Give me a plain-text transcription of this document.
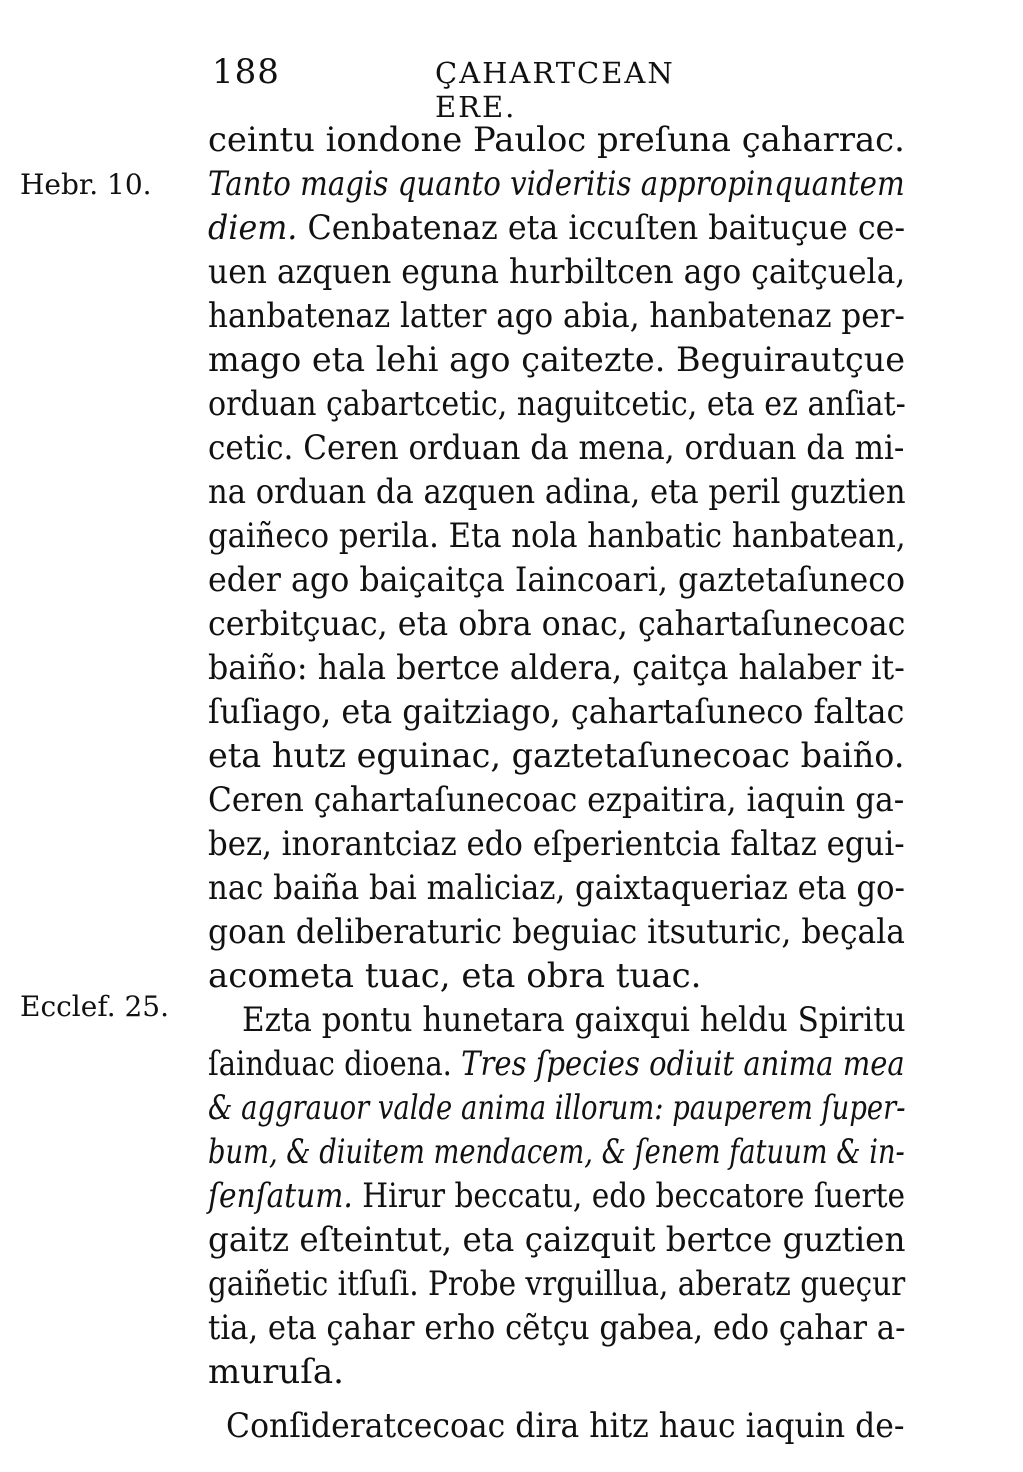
188	ÇAHARTCEAN ERE.
Hebr. 10.
Ecclef. 25.
ceintu iondone Pauloc preſuna çaharrac.
Tanto magis quanto videritis appropinquantem
diem. Cenbatenaz eta iccuſten baituçue ce-
uen azquen eguna hurbiltcen ago çaitçuela,
hanbatenaz latter ago abia, hanbatenaz per-
mago eta lehi ago çaitezte. Beguirautçue
orduan çabartcetic, naguitcetic, eta ez anſiat-
cetic. Ceren orduan da mena, orduan da mi-
na orduan da azquen adina, eta peril guztien
gaiñeco perila. Eta nola hanbatic hanbatean,
eder ago baiçaitça Iaincoari, gaztetaſuneco
cerbitçuac, eta obra onac, çahartaſunecoac
baiño: hala bertce aldera, çaitça halaber it-
ſuſiago, eta gaitziago, çahartaſuneco faltac
eta hutz eguinac, gaztetaſunecoac baiño.
Ceren çahartaſunecoac ezpaitira, iaquin ga-
bez, inorantciaz edo eſperientcia faltaz egui-
nac baiña bai maliciaz, gaixtaqueriaz eta go-
goan deliberaturic beguiac itsuturic, beçala
acometa tuac, eta obra tuac.
Ezta pontu hunetara gaixqui heldu Spiritu
ſainduac dioena. Tres ſpecies odiuit anima mea
& aggrauor valde anima illorum: pauperem ſuper-
bum, & diuitem mendacem, & ſenem fatuum & in-
ſenſatum. Hirur beccatu, edo beccatore ſuerte
gaitz eſteintut, eta çaizquit bertce guztien
gaiñetic itſuſi. Probe vrguillua, aberatz gueçur
tia, eta çahar erho cẽtçu gabea, edo çahar a-
muruſa.
Conſideratcecoac dira hitz hauc iaquin de-
